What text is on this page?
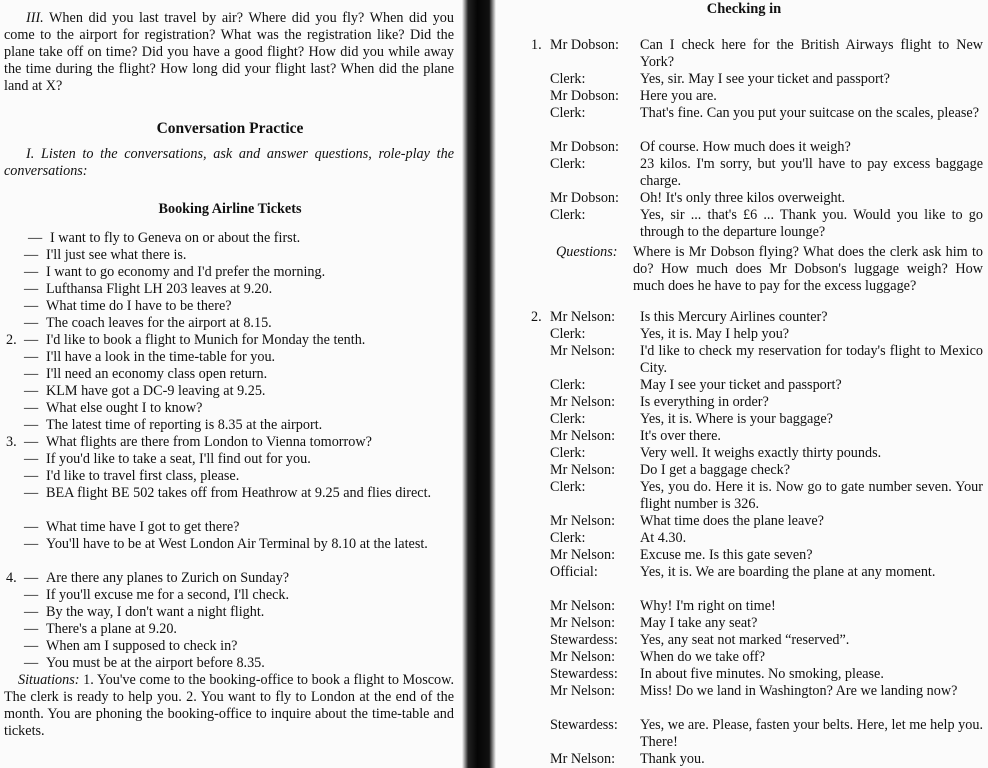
III. When did you last travel by air? Where did you fly? When did you come to the airport for registration? What was the registration like? Did the plane take off on time? Did you have a good flight? How did you while away the time during the flight? How long did your flight last? When did the plane land at X?

Conversation Practice

I. Listen to the conversations, ask and answer questions, role-play the conversations:

Booking Airline Tickets
— I want to fly to Geneva on or about the first.
— I'll just see what there is.
— I want to go economy and I'd prefer the morning.
— Lufthansa Flight LH 203 leaves at 9.20.
— What time do I have to be there?
— The coach leaves for the airport at 8.15.
2. — I'd like to book a flight to Munich for Monday the tenth.
— I'll have a look in the time-table for you.
— I'll need an economy class open return.
— KLM have got a DC-9 leaving at 9.25.
— What else ought I to know?
— The latest time of reporting is 8.35 at the airport.
3. — What flights are there from London to Vienna tomorrow?
— If you'd like to take a seat, I'll find out for you.
— I'd like to travel first class, please.
— BEA flight BE 502 takes off from Heathrow at 9.25 and flies direct.

— What time have I got to get there?
— You'll have to be at West London Air Terminal by 8.10 at the latest.

4. — Are there any planes to Zurich on Sunday?
— If you'll excuse me for a second, I'll check.
— By the way, I don't want a night flight.
— There's a plane at 9.20.
— When am I supposed to check in?
— You must be at the airport before 8.35.

Situations: 1. You've come to the booking-office to book a flight to Moscow. The clerk is ready to help you. 2. You want to fly to London at the end of the month. You are phoning the booking-office to inquire about the time-table and tickets.

Checking in
1. Mr Dobson: Can I check here for the British Airways flight to New York?

Clerk:	Yes, sir. May I see your ticket and passport?

Mr Dobson: Here you are.

Clerk:	That's fine. Can you put your suitcase on the scales, please?

Mr Dobson: Of course. How much does it weigh?

Clerk:	23 kilos. I'm sorry, but you'll have to pay excess baggage charge.

Mr Dobson: Oh! It's only three kilos overweight.

Clerk:	Yes, sir ... that's £6 ... Thank you. Would you like to go through to the departure lounge?

Questions: Where is Mr Dobson flying? What does the clerk ask him to do? How much does Mr Dobson's luggage weigh? How much does he have to pay for the excess luggage?

2. Mr Nelson: Is this Mercury Airlines counter?

Clerk:	Yes, it is. May I help you?

Mr Nelson: I'd like to check my reservation for today's flight to Mexico City.

Clerk:	May I see your ticket and passport?

Mr Nelson: Is everything in order?

Clerk:	Yes, it is. Where is your baggage?

Mr Nelson: It's over there.

Clerk:	Very well. It weighs exactly thirty pounds.

Mr Nelson: Do I get a baggage check?

Clerk:	Yes, you do. Here it is. Now go to gate number seven. Your flight number is 326.

Mr Nelson: What time does the plane leave?

Clerk:	At 4.30.

Mr Nelson: Excuse me. Is this gate seven?

Official:	Yes, it is. We are boarding the plane at any moment.

Mr Nelson: Why! I'm right on time!

Mr Nelson: May I take any seat?

Stewardess: Yes, any seat not marked “reserved”.

Mr Nelson: When do we take off?

Stewardess: In about five minutes. No smoking, please.

Mr Nelson: Miss! Do we land in Washington? Are we landing now?

Stewardess: Yes, we are. Please, fasten your belts. Here, let me help you. There!

Mr Nelson: Thank you.
